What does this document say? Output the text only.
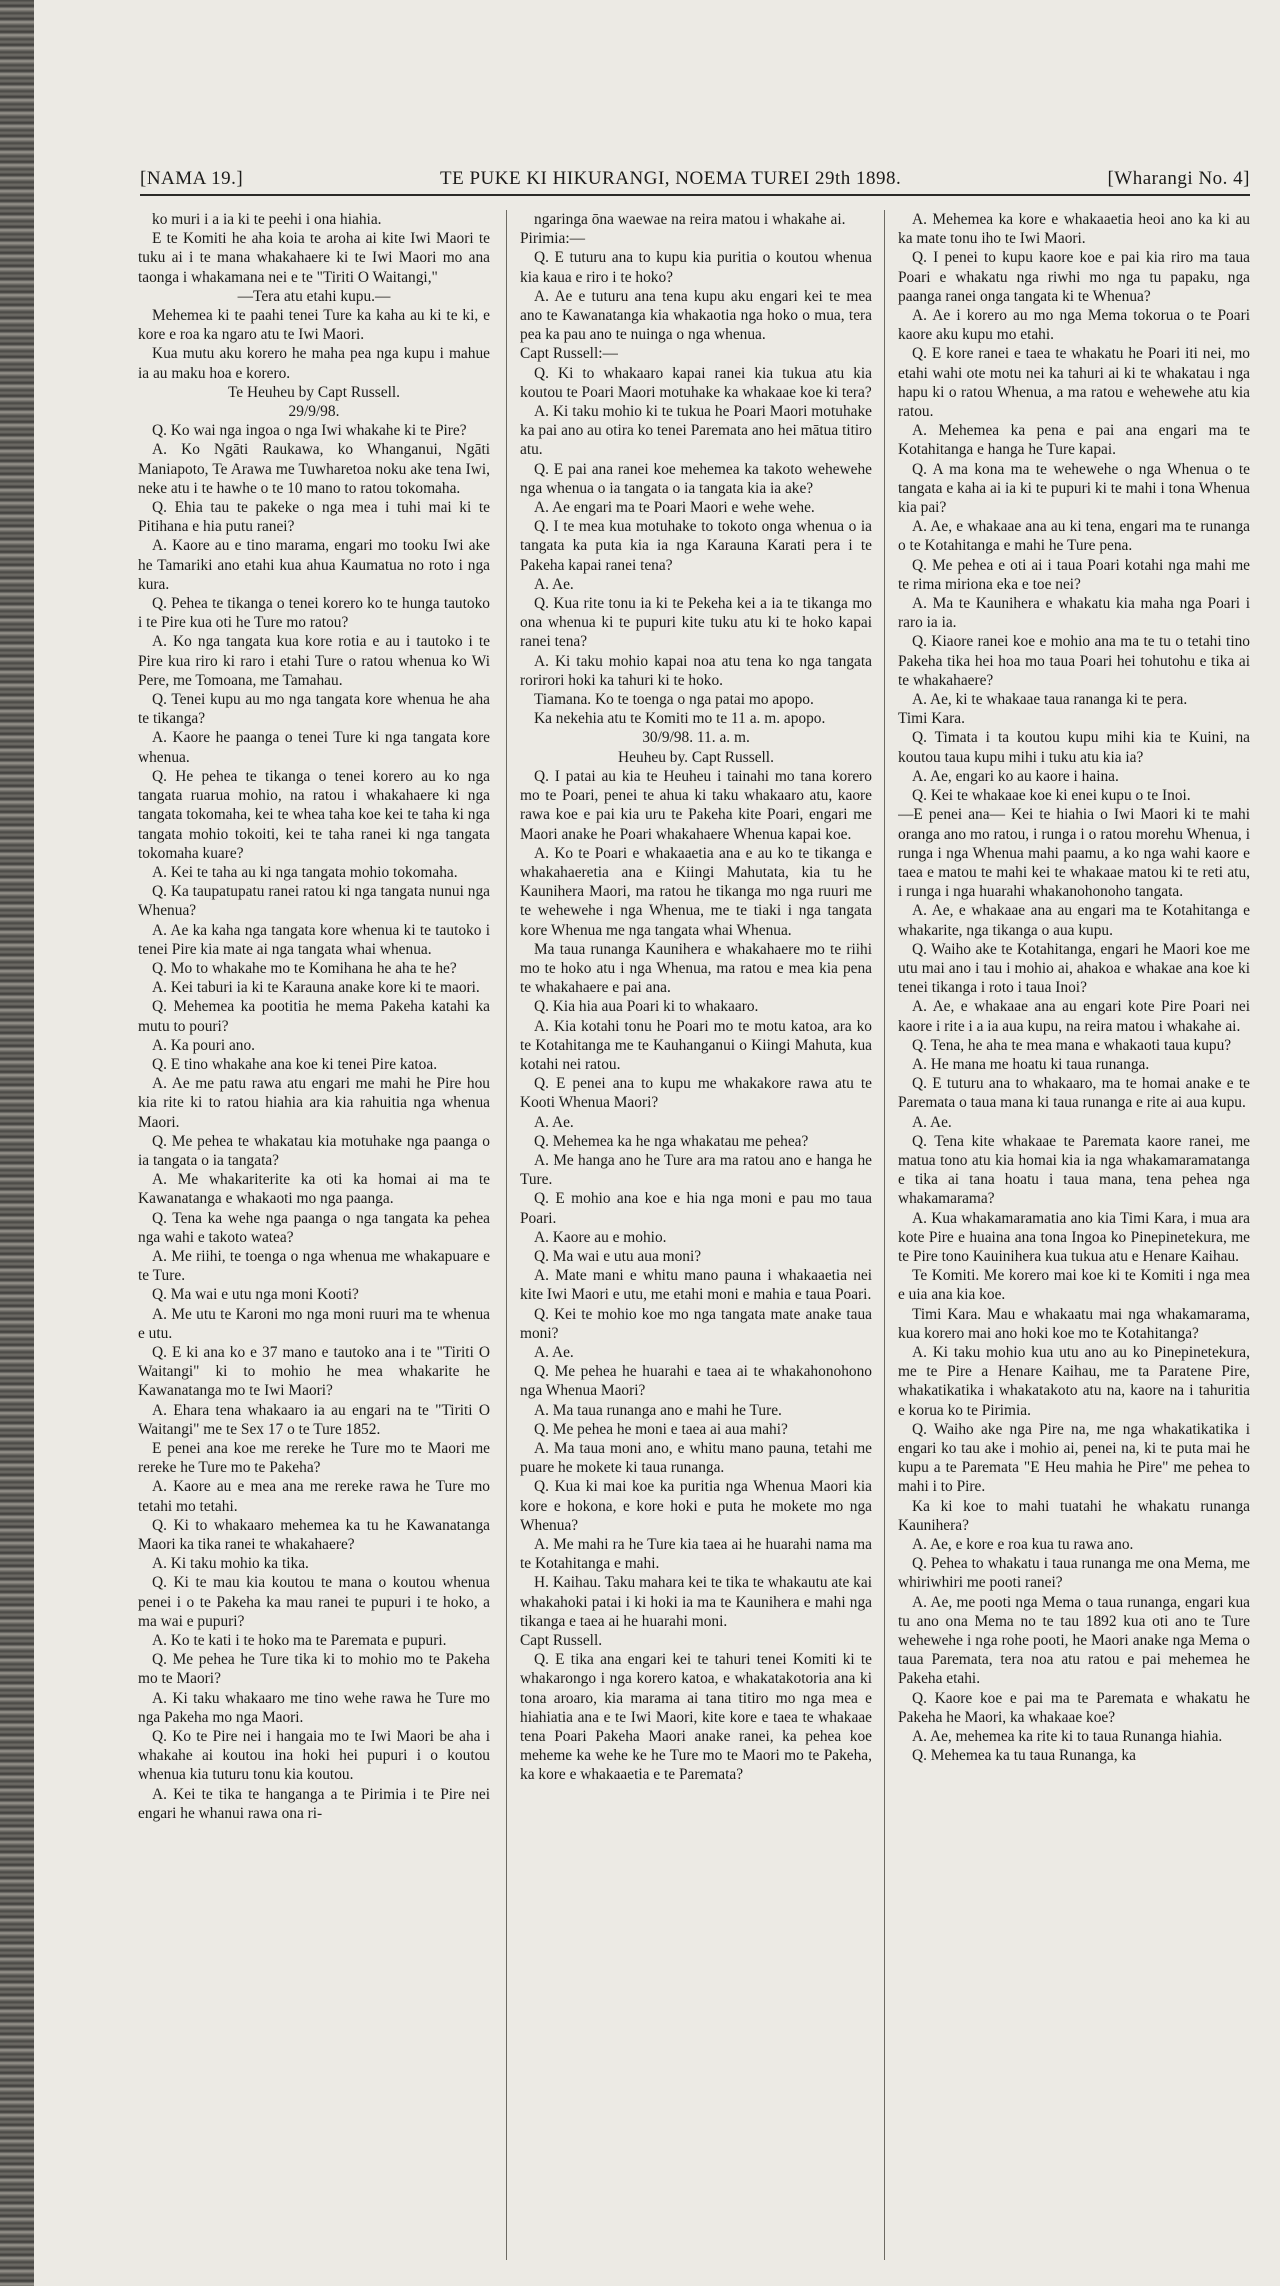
[NAMA 19.]	TE PUKE KI HIKURANGI, NOEMA TUREI 29th 1898.	[Wharangi No. 4]

ko muri i a ia ki te peehi i ona hiahia.

E te Komiti he aha koia te aroha ai kite Iwi Maori te tuku ai i te mana whakahaere ki te Iwi Maori mo ana taonga i whakamana nei e te "Tiriti O Waitangi,"

—Tera atu etahi kupu.—

Mehemea ki te paahi tenei Ture ka kaha au ki te ki, e kore e roa ka ngaro atu te Iwi Maori.

Kua mutu aku korero he maha pea nga kupu i mahue ia au maku hoa e korero.

Te Heuheu by Capt Russell.

29/9/98.

Q. Ko wai nga ingoa o nga Iwi whakahe ki te Pire?

A. Ko Ngāti Raukawa, ko Whanganui, Ngāti Maniapoto, Te Arawa me Tuwharetoa noku ake tena Iwi, neke atu i te hawhe o te 10 mano to ratou tokomaha.

Q. Ehia tau te pakeke o nga mea i tuhi mai ki te Pitihana e hia putu ranei?

A. Kaore au e tino marama, engari mo tooku Iwi ake he Tamariki ano etahi kua ahua Kaumatua no roto i nga kura.

Q. Pehea te tikanga o tenei korero ko te hunga tautoko i te Pire kua oti he Ture mo ratou?

A. Ko nga tangata kua kore rotia e au i tautoko i te Pire kua riro ki raro i etahi Ture o ratou whenua ko Wi Pere, me Tomoana, me Tamahau.

Q. Tenei kupu au mo nga tangata kore whenua he aha te tikanga?

A. Kaore he paanga o tenei Ture ki nga tangata kore whenua.

Q. He pehea te tikanga o tenei korero au ko nga tangata ruarua mohio, na ratou i whakahaere ki nga tangata tokomaha, kei te whea taha koe kei te taha ki nga tangata mohio tokoiti, kei te taha ranei ki nga tangata tokomaha kuare?

A. Kei te taha au ki nga tangata mohio tokomaha.

Q. Ka taupatupatu ranei ratou ki nga tangata nunui nga Whenua?

A. Ae ka kaha nga tangata kore whenua ki te tautoko i tenei Pire kia mate ai nga tangata whai whenua.

Q. Mo to whakahe mo te Komihana he aha te he?

A. Kei taburi ia ki te Karauna anake kore ki te maori.

Q. Mehemea ka pootitia he mema Pakeha katahi ka mutu to pouri?

A. Ka pouri ano.

Q. E tino whakahe ana koe ki tenei Pire katoa.

A. Ae me patu rawa atu engari me mahi he Pire hou kia rite ki to ratou hiahia ara kia rahuitia nga whenua Maori.

Q. Me pehea te whakatau kia motuhake nga paanga o ia tangata o ia tangata?

A. Me whakariterite ka oti ka homai ai ma te Kawanatanga e whakaoti mo nga paanga.

Q. Tena ka wehe nga paanga o nga tangata ka pehea nga wahi e takoto watea?

A. Me riihi, te toenga o nga whenua me whakapuare e te Ture.

Q. Ma wai e utu nga moni Kooti?

A. Me utu te Karoni mo nga moni ruuri ma te whenua e utu.

Q. E ki ana ko e 37 mano e tautoko ana i te "Tiriti O Waitangi" ki to mohio he mea whakarite he Kawanatanga mo te Iwi Maori?

A. Ehara tena whakaaro ia au engari na te "Tiriti O Waitangi" me te Sex 17 o te Ture 1852.

E penei ana koe me rereke he Ture mo te Maori me rereke he Ture mo te Pakeha?

A. Kaore au e mea ana me rereke rawa he Ture mo tetahi mo tetahi.

Q. Ki to whakaaro mehemea ka tu he Kawanatanga Maori ka tika ranei te whakahaere?

A. Ki taku mohio ka tika.

Q. Ki te mau kia koutou te mana o koutou whenua penei i o te Pakeha ka mau ranei te pupuri i te hoko, a ma wai e pupuri?

A. Ko te kati i te hoko ma te Paremata e pupuri.

Q. Me pehea he Ture tika ki to mohio mo te Pakeha mo te Maori?

A. Ki taku whakaaro me tino wehe rawa he Ture mo nga Pakeha mo nga Maori.

Q. Ko te Pire nei i hangaia mo te Iwi Maori be aha i whakahe ai koutou ina hoki hei pupuri i o koutou whenua kia tuturu tonu kia koutou.

A. Kei te tika te hanganga a te Pirimia i te Pire nei engari he whanui rawa ona ri-

ngaringa ōna waewae na reira matou i whakahe ai.

Pirimia:—

Q. E tuturu ana to kupu kia puritia o koutou whenua kia kaua e riro i te hoko?

A. Ae e tuturu ana tena kupu aku engari kei te mea ano te Kawanatanga kia whakaotia nga hoko o mua, tera pea ka pau ano te nuinga o nga whenua.

Capt Russell:—

Q. Ki to whakaaro kapai ranei kia tukua atu kia koutou te Poari Maori motuhake ka whakaae koe ki tera?

A. Ki taku mohio ki te tukua he Poari Maori motuhake ka pai ano au otira ko tenei Paremata ano hei mātua titiro atu.

Q. E pai ana ranei koe mehemea ka takoto wehewehe nga whenua o ia tangata o ia tangata kia ia ake?

A. Ae engari ma te Poari Maori e wehe wehe.

Q. I te mea kua motuhake to tokoto onga whenua o ia tangata ka puta kia ia nga Karauna Karati pera i te Pakeha kapai ranei tena?

A. Ae.

Q. Kua rite tonu ia ki te Pekeha kei a ia te tikanga mo ona whenua ki te pupuri kite tuku atu ki te hoko kapai ranei tena?

A. Ki taku mohio kapai noa atu tena ko nga tangata rorirori hoki ka tahuri ki te hoko.

Tiamana. Ko te toenga o nga patai mo apopo.

Ka nekehia atu te Komiti mo te 11 a. m. apopo.

30/9/98. 11. a. m.

Heuheu by. Capt Russell.

Q. I patai au kia te Heuheu i tainahi mo tana korero mo te Poari, penei te ahua ki taku whakaaro atu, kaore rawa koe e pai kia uru te Pakeha kite Poari, engari me Maori anake he Poari whakahaere Whenua kapai koe.

A. Ko te Poari e whakaaetia ana e au ko te tikanga e whakahaeretia ana e Kiingi Mahutata, kia tu he Kaunihera Maori, ma ratou he tikanga mo nga ruuri me te wehewehe i nga Whenua, me te tiaki i nga tangata kore Whenua me nga tangata whai Whenua.

Ma taua runanga Kaunihera e whakahaere mo te riihi mo te hoko atu i nga Whenua, ma ratou e mea kia pena te whakahaere e pai ana.

Q. Kia hia aua Poari ki to whakaaro.

A. Kia kotahi tonu he Poari mo te motu katoa, ara ko te Kotahitanga me te Kauhanganui o Kiingi Mahuta, kua kotahi nei ratou.

Q. E penei ana to kupu me whakakore rawa atu te Kooti Whenua Maori?

A. Ae.

Q. Mehemea ka he nga whakatau me pehea?

A. Me hanga ano he Ture ara ma ratou ano e hanga he Ture.

Q. E mohio ana koe e hia nga moni e pau mo taua Poari.

A. Kaore au e mohio.

Q. Ma wai e utu aua moni?

A. Mate mani e whitu mano pauna i whakaaetia nei kite Iwi Maori e utu, me etahi moni e mahia e taua Poari.

Q. Kei te mohio koe mo nga tangata mate anake taua moni?

A. Ae.

Q. Me pehea he huarahi e taea ai te whakahonohono nga Whenua Maori?

A. Ma taua runanga ano e mahi he Ture.

Q. Me pehea he moni e taea ai aua mahi?

A. Ma taua moni ano, e whitu mano pauna, tetahi me puare he mokete ki taua runanga.

Q. Kua ki mai koe ka puritia nga Whenua Maori kia kore e hokona, e kore hoki e puta he mokete mo nga Whenua?

A. Me mahi ra he Ture kia taea ai he huarahi nama ma te Kotahitanga e mahi.

H. Kaihau. Taku mahara kei te tika te whakautu ate kai whakahoki patai i ki hoki ia ma te Kaunihera e mahi nga tikanga e taea ai he huarahi moni.

Capt Russell.

Q. E tika ana engari kei te tahuri tenei Komiti ki te whakarongo i nga korero katoa, e whakatakotoria ana ki tona aroaro, kia marama ai tana titiro mo nga mea e hiahiatia ana e te Iwi Maori, kite kore e taea te whakaae tena Poari Pakeha Maori anake ranei, ka pehea koe meheme ka wehe ke he Ture mo te Maori mo te Pakeha, ka kore e whakaaetia e te Paremata?

A. Mehemea ka kore e whakaaetia heoi ano ka ki au ka mate tonu iho te Iwi Maori.

Q. I penei to kupu kaore koe e pai kia riro ma taua Poari e whakatu nga riwhi mo nga tu papaku, nga paanga ranei onga tangata ki te Whenua?

A. Ae i korero au mo nga Mema tokorua o te Poari kaore aku kupu mo etahi.

Q. E kore ranei e taea te whakatu he Poari iti nei, mo etahi wahi ote motu nei ka tahuri ai ki te whakatau i nga hapu ki o ratou Whenua, a ma ratou e wehewehe atu kia ratou.

A. Mehemea ka pena e pai ana engari ma te Kotahitanga e hanga he Ture kapai.

Q. A ma kona ma te wehewehe o nga Whenua o te tangata e kaha ai ia ki te pupuri ki te mahi i tona Whenua kia pai?

A. Ae, e whakaae ana au ki tena, engari ma te runanga o te Kotahitanga e mahi he Ture pena.

Q. Me pehea e oti ai i taua Poari kotahi nga mahi me te rima miriona eka e toe nei?

A. Ma te Kaunihera e whakatu kia maha nga Poari i raro ia ia.

Q. Kiaore ranei koe e mohio ana ma te tu o tetahi tino Pakeha tika hei hoa mo taua Poari hei tohutohu e tika ai te whakahaere?

A. Ae, ki te whakaae taua rananga ki te pera.

Timi Kara.

Q. Timata i ta koutou kupu mihi kia te Kuini, na koutou taua kupu mihi i tuku atu kia ia?

A. Ae, engari ko au kaore i haina.

Q. Kei te whakaae koe ki enei kupu o te Inoi.

—E penei ana— Kei te hiahia o Iwi Maori ki te mahi oranga ano mo ratou, i runga i o ratou morehu Whenua, i runga i nga Whenua mahi paamu, a ko nga wahi kaore e taea e matou te mahi kei te whakaae matou ki te reti atu, i runga i nga huarahi whakanohonoho tangata.

A. Ae, e whakaae ana au engari ma te Kotahitanga e whakarite, nga tikanga o aua kupu.

Q. Waiho ake te Kotahitanga, engari he Maori koe me utu mai ano i tau i mohio ai, ahakoa e whakae ana koe ki tenei tikanga i roto i taua Inoi?

A. Ae, e whakaae ana au engari kote Pire Poari nei kaore i rite i a ia aua kupu, na reira matou i whakahe ai.

Q. Tena, he aha te mea mana e whakaoti taua kupu?

A. He mana me hoatu ki taua runanga.

Q. E tuturu ana to whakaaro, ma te homai anake e te Paremata o taua mana ki taua runanga e rite ai aua kupu.

A. Ae.

Q. Tena kite whakaae te Paremata kaore ranei, me matua tono atu kia homai kia ia nga whakamaramatanga e tika ai tana hoatu i taua mana, tena pehea nga whakamarama?

A. Kua whakamaramatia ano kia Timi Kara, i mua ara kote Pire e huaina ana tona Ingoa ko Pinepinetekura, me te Pire tono Kauinihera kua tukua atu e Henare Kaihau.

Te Komiti. Me korero mai koe ki te Komiti i nga mea e uia ana kia koe.

Timi Kara. Mau e whakaatu mai nga whakamarama, kua korero mai ano hoki koe mo te Kotahitanga?

A. Ki taku mohio kua utu ano au ko Pinepinetekura, me te Pire a Henare Kaihau, me ta Paratene Pire, whakatikatika i whakatakoto atu na, kaore na i tahuritia e korua ko te Pirimia.

Q. Waiho ake nga Pire na, me nga whakatikatika i engari ko tau ake i mohio ai, penei na, ki te puta mai he kupu a te Paremata "E Heu mahia he Pire" me pehea to mahi i to Pire.

Ka ki koe to mahi tuatahi he whakatu runanga Kaunihera?

A. Ae, e kore e roa kua tu rawa ano.

Q. Pehea to whakatu i taua runanga me ona Mema, me whiriwhiri me pooti ranei?

A. Ae, me pooti nga Mema o taua runanga, engari kua tu ano ona Mema no te tau 1892 kua oti ano te Ture wehewehe i nga rohe pooti, he Maori anake nga Mema o taua Paremata, tera noa atu ratou e pai mehemea he Pakeha etahi.

Q. Kaore koe e pai ma te Paremata e whakatu he Pakeha he Maori, ka whakaae koe?

A. Ae, mehemea ka rite ki to taua Runanga hiahia.

Q. Mehemea ka tu taua Runanga, ka
